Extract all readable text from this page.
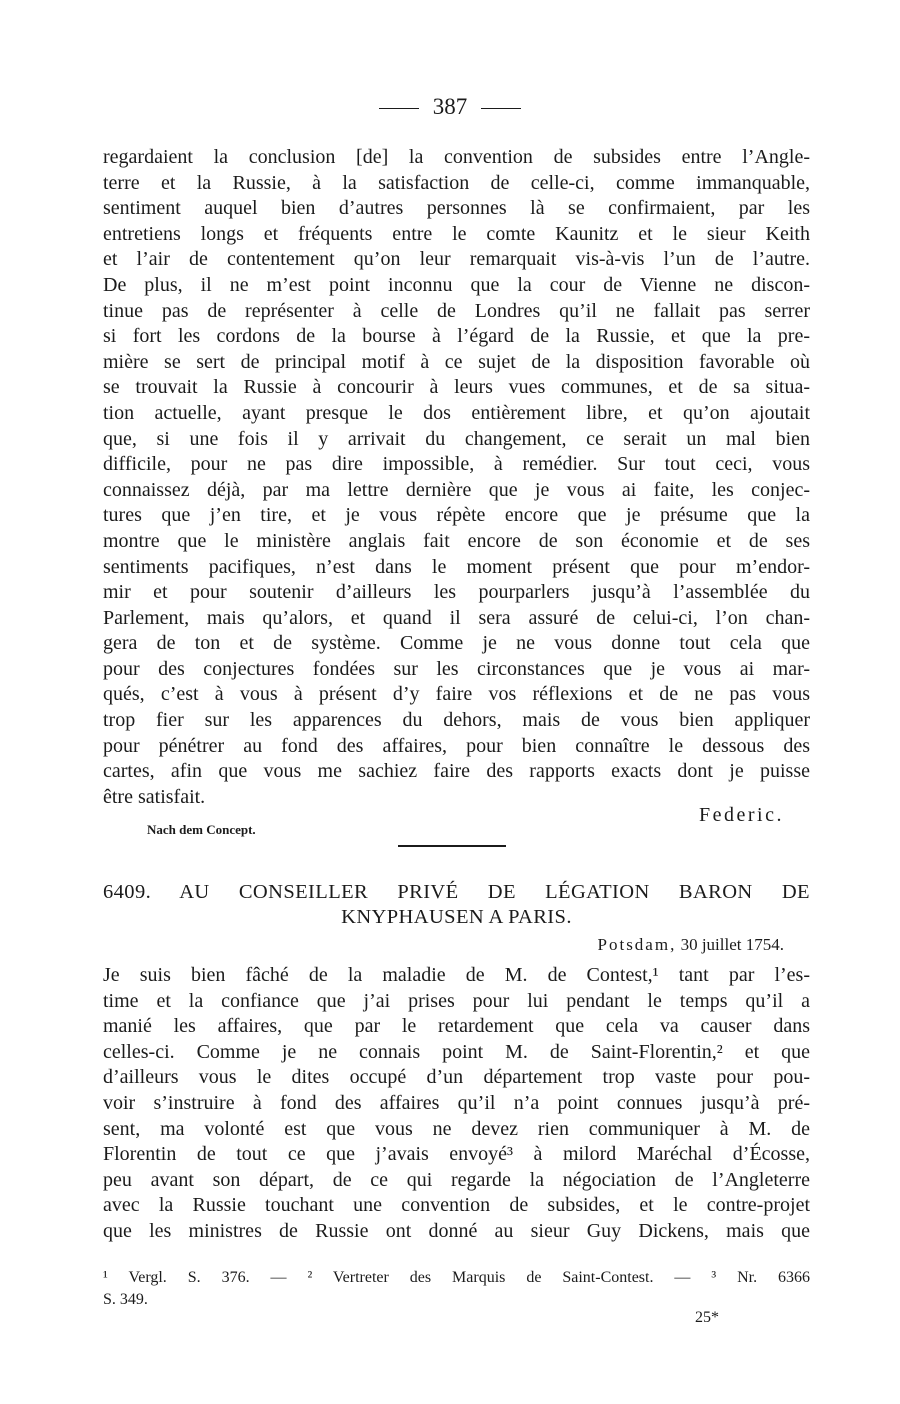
387
regardaient la conclusion [de] la convention de subsides entre l’Angle-
terre et la Russie, à la satisfaction de celle-ci, comme immanquable,
sentiment auquel bien d’autres personnes là se confirmaient, par les
entretiens longs et fréquents entre le comte Kaunitz et le sieur Keith
et l’air de contentement qu’on leur remarquait vis-à-vis l’un de l’autre.
De plus, il ne m’est point inconnu que la cour de Vienne ne discon-
tinue pas de représenter à celle de Londres qu’il ne fallait pas serrer
si fort les cordons de la bourse à l’égard de la Russie, et que la pre-
mière se sert de principal motif à ce sujet de la disposition favorable où
se trouvait la Russie à concourir à leurs vues communes, et de sa situa-
tion actuelle, ayant presque le dos entièrement libre, et qu’on ajoutait
que, si une fois il y arrivait du changement, ce serait un mal bien
difficile, pour ne pas dire impossible, à remédier. Sur tout ceci, vous
connaissez déjà, par ma lettre dernière que je vous ai faite, les conjec-
tures que j’en tire, et je vous répète encore que je présume que la
montre que le ministère anglais fait encore de son économie et de ses
sentiments pacifiques, n’est dans le moment présent que pour m’endor-
mir et pour soutenir d’ailleurs les pourparlers jusqu’à l’assemblée du
Parlement, mais qu’alors, et quand il sera assuré de celui-ci, l’on chan-
gera de ton et de système. Comme je ne vous donne tout cela que
pour des conjectures fondées sur les circonstances que je vous ai mar-
qués, c’est à vous à présent d’y faire vos réflexions et de ne pas vous
trop fier sur les apparences du dehors, mais de vous bien appliquer
pour pénétrer au fond des affaires, pour bien connaître le dessous des
cartes, afin que vous me sachiez faire des rapports exacts dont je puisse
être satisfait.
Federic.
Nach dem Concept.
6409. AU CONSEILLER PRIVÉ DE LÉGATION BARON DE
KNYPHAUSEN A PARIS.
Potsdam, 30 juillet 1754.
Je suis bien fâché de la maladie de M. de Contest,¹ tant par l’es-
time et la confiance que j’ai prises pour lui pendant le temps qu’il a
manié les affaires, que par le retardement que cela va causer dans
celles-ci. Comme je ne connais point M. de Saint-Florentin,² et que
d’ailleurs vous le dites occupé d’un département trop vaste pour pou-
voir s’instruire à fond des affaires qu’il n’a point connues jusqu’à pré-
sent, ma volonté est que vous ne devez rien communiquer à M. de
Florentin de tout ce que j’avais envoyé³ à milord Maréchal d’Écosse,
peu avant son départ, de ce qui regarde la négociation de l’Angleterre
avec la Russie touchant une convention de subsides, et le contre-projet
que les ministres de Russie ont donné au sieur Guy Dickens, mais que
¹ Vergl. S. 376. — ² Vertreter des Marquis de Saint-Contest. — ³ Nr. 6366
S. 349.
25*
